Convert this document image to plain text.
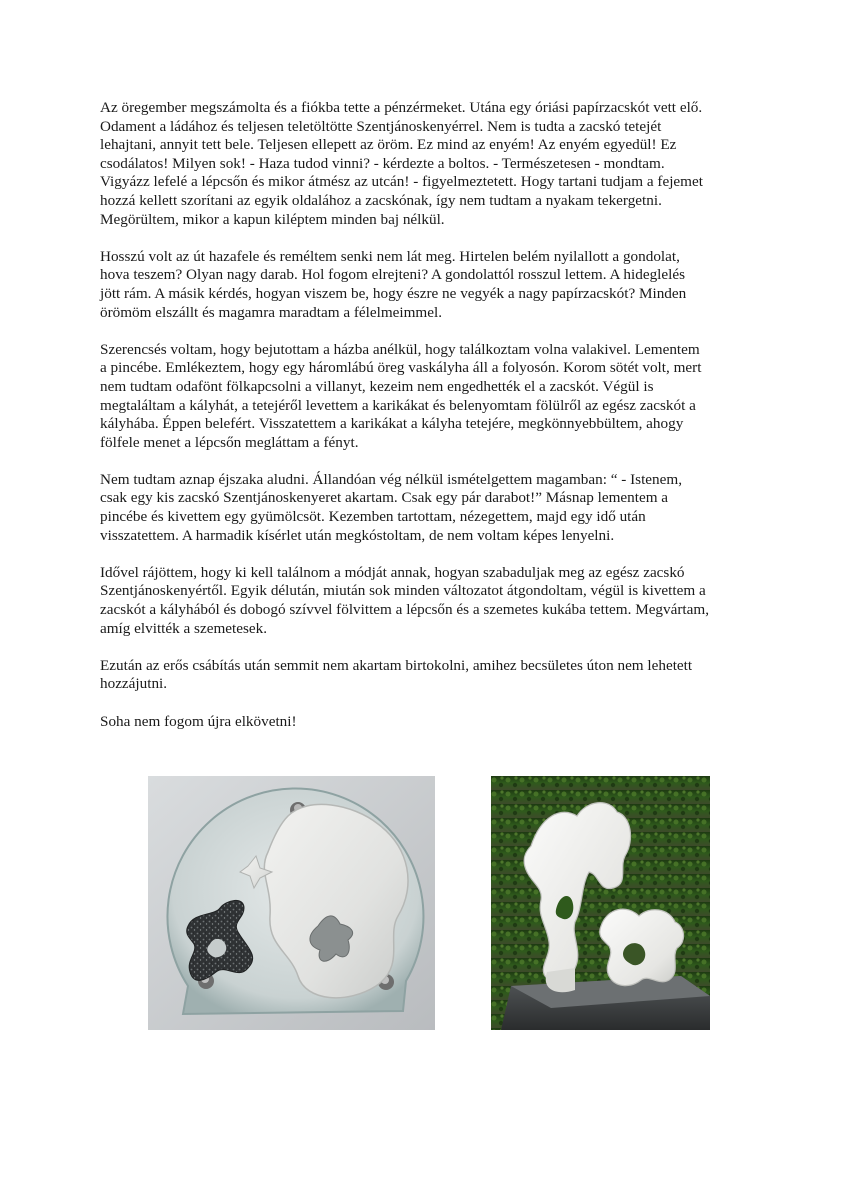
Az öregember megszámolta és a fiókba tette a pénzérmeket. Utána egy óriási papírzacskót vett elő.
Odament a ládához és teljesen teletöltötte Szentjánoskenyérrel. Nem is tudta a zacskó tetejét
lehajtani, annyit tett bele. Teljesen ellepett az öröm. Ez mind az enyém! Az enyém egyedül! Ez
csodálatos! Milyen sok! - Haza tudod vinni? - kérdezte a boltos. - Természetesen - mondtam.
Vigyázz lefelé a lépcsőn és mikor átmész az utcán! - figyelmeztetett. Hogy tartani tudjam a fejemet
hozzá kellett szorítani az egyik oldalához a zacskónak, így nem tudtam a nyakam tekergetni.
Megörültem, mikor a kapun kiléptem minden baj nélkül.

Hosszú volt az út hazafele és reméltem senki nem lát meg. Hirtelen belém nyilallott a gondolat,
hova teszem? Olyan nagy darab. Hol fogom elrejteni? A gondolattól rosszul lettem. A hideglelés
jött rám. A másik kérdés, hogyan viszem be, hogy észre ne vegyék a nagy papírzacskót? Minden
örömöm elszállt és magamra maradtam a félelmeimmel.

Szerencsés voltam, hogy bejutottam a házba anélkül, hogy találkoztam volna valakivel. Lementem
a pincébe. Emlékeztem, hogy egy háromlábú öreg vaskályha áll a folyosón. Korom sötét volt, mert
nem tudtam odafönt fölkapcsolni a villanyt, kezeim nem engedhették el a zacskót. Végül is
megtaláltam a kályhát, a tetejéről levettem a karikákat és belenyomtam fölülről az egész zacskót a
kályhába. Éppen belefért. Visszatettem a karikákat a kályha tetejére, megkönnyebbültem, ahogy
fölfele menet a lépcsőn megláttam a fényt.

Nem tudtam aznap éjszaka aludni. Állandóan vég nélkül ismételgettem magamban: “ - Istenem,
csak egy kis zacskó Szentjánoskenyeret akartam. Csak egy pár darabot!” Másnap lementem a
pincébe és kivettem egy gyümölcsöt. Kezemben tartottam, nézegettem, majd egy idő után
visszatettem. A harmadik kísérlet után megkóstoltam, de nem voltam képes lenyelni.

Idővel rájöttem, hogy ki kell találnom a módját annak, hogyan szabaduljak meg az egész zacskó
Szentjánoskenyértől. Egyik délután, miután sok minden változatot átgondoltam, végül is kivettem a
zacskót a kályhából és dobogó szívvel fölvittem a lépcsőn és a szemetes kukába tettem. Megvártam,
amíg elvitték a szemetesek.

Ezután az erős csábítás után semmit nem akartam birtokolni, amihez becsületes úton nem lehetett
hozzájutni.

Soha nem fogom újra elkövetni!
